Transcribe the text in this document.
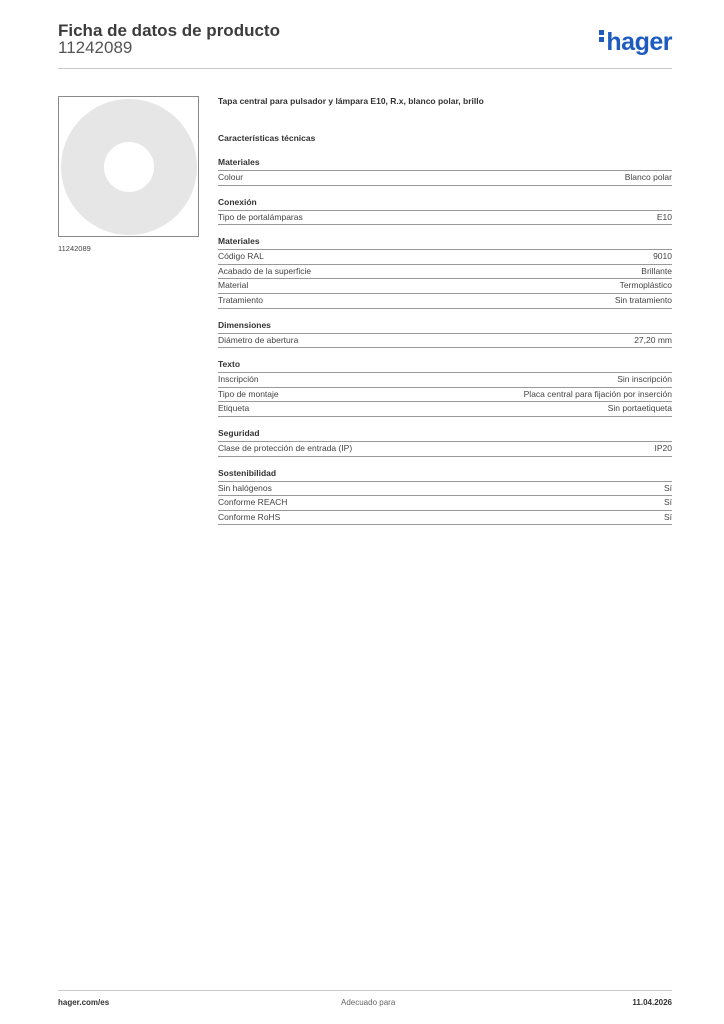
Ficha de datos de producto
11242089	hager
11242089
Tapa central para pulsador y lámpara E10, R.x, blanco polar, brillo
Características técnicas
Materiales
Colour	Blanco polar
Conexión
Tipo de portalámparas	E10
Materiales
Código RAL	9010
Acabado de la superficie	Brillante
Material	Termoplástico
Tratamiento	Sin tratamiento
Dimensiones
Diámetro de abertura	27,20 mm
Texto
Inscripción	Sin inscripción
Tipo de montaje	Placa central para fijación por inserción
Etiqueta	Sin portaetiqueta
Seguridad
Clase de protección de entrada (IP)	IP20
Sostenibilidad
Sin halógenos	Sí
Conforme REACH	Sí
Conforme RoHS	Sí
hager.com/es	Adecuado para	11.04.2026
